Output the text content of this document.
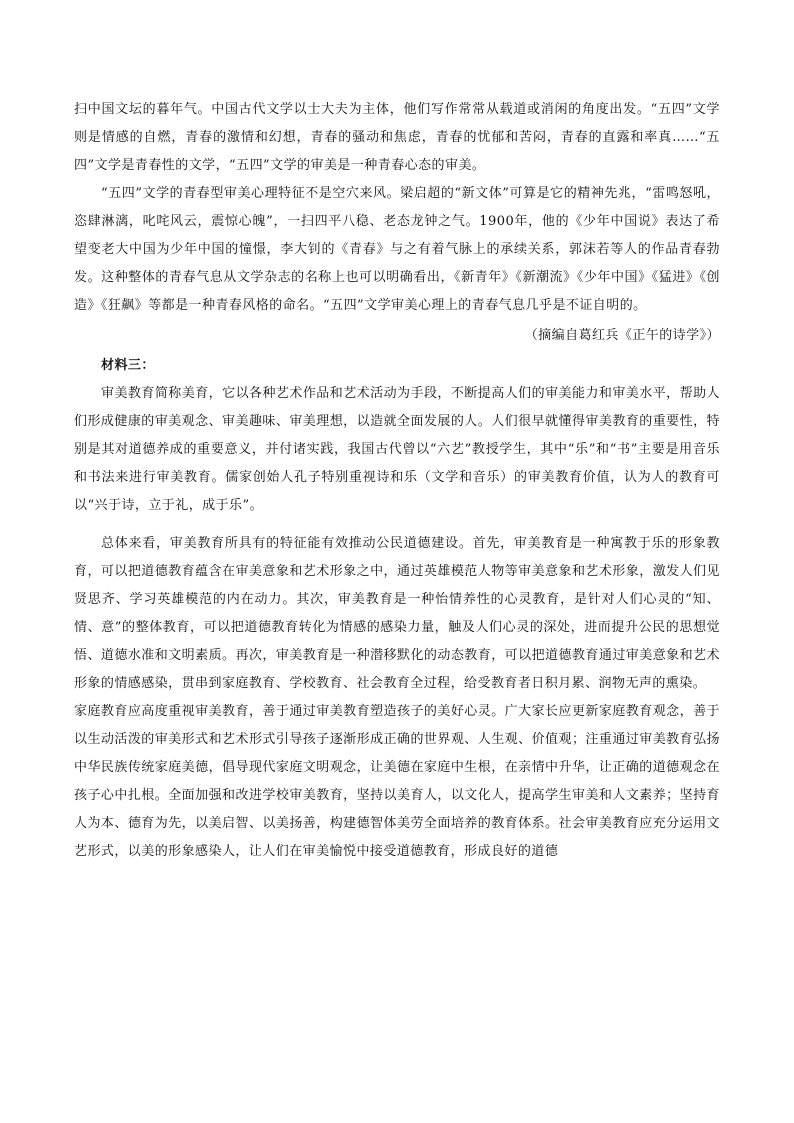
扫中国文坛的暮年气。中国古代文学以士大夫为主体，他们写作常常从载道或消闲的角度出发。“五四”文学则是情感的自燃，青春的激情和幻想，青春的骚动和焦虑，青春的忧郁和苦闷，青春的直露和率真……“五四”文学是青春性的文学，“五四”文学的审美是一种青春心态的审美。

“五四”文学的青春型审美心理特征不是空穴来风。梁启超的“新文体”可算是它的精神先兆，“雷鸣怒吼，恣肆淋漓，叱咤风云，震惊心魄”，一扫四平八稳、老态龙钟之气。1900年，他的《少年中国说》表达了希望变老大中国为少年中国的憧憬，李大钊的《青春》与之有着气脉上的承续关系，郭沫若等人的作品青春勃发。这种整体的青春气息从文学杂志的名称上也可以明确看出，《新青年》《新潮流》《少年中国》《猛进》《创造》《狂飙》等都是一种青春风格的命名。“五四”文学审美心理上的青春气息几乎是不证自明的。

（摘编自葛红兵《正午的诗学》）

材料三：

审美教育简称美育，它以各种艺术作品和艺术活动为手段，不断提高人们的审美能力和审美水平，帮助人们形成健康的审美观念、审美趣味、审美理想，以造就全面发展的人。人们很早就懂得审美教育的重要性，特别是其对道德养成的重要意义，并付诸实践，我国古代曾以“六艺”教授学生，其中“乐”和“书”主要是用音乐和书法来进行审美教育。儒家创始人孔子特别重视诗和乐（文学和音乐）的审美教育价值，认为人的教育可以“兴于诗，立于礼，成于乐”。

总体来看，审美教育所具有的特征能有效推动公民道德建设。首先，审美教育是一种寓教于乐的形象教育，可以把道德教育蕴含在审美意象和艺术形象之中，通过英雄模范人物等审美意象和艺术形象，激发人们见贤思齐、学习英雄模范的内在动力。其次，审美教育是一种怡情养性的心灵教育，是针对人们心灵的“知、情、意”的整体教育，可以把道德教育转化为情感的感染力量，触及人们心灵的深处，进而提升公民的思想觉悟、道德水准和文明素质。再次，审美教育是一种潜移默化的动态教育，可以把道德教育通过审美意象和艺术形象的情感感染，贯串到家庭教育、学校教育、社会教育全过程，给受教育者日积月累、润物无声的熏染。

家庭教育应高度重视审美教育，善于通过审美教育塑造孩子的美好心灵。广大家长应更新家庭教育观念，善于以生动活泼的审美形式和艺术形式引导孩子逐渐形成正确的世界观、人生观、价值观；注重通过审美教育弘扬中华民族传统家庭美德，倡导现代家庭文明观念，让美德在家庭中生根，在亲情中升华，让正确的道德观念在孩子心中扎根。全面加强和改进学校审美教育，坚持以美育人，以文化人，提高学生审美和人文素养；坚持育人为本、德育为先，以美启智、以美扬善，构建德智体美劳全面培养的教育体系。社会审美教育应充分运用文艺形式，以美的形象感染人，让人们在审美愉悦中接受道德教育，形成良好的道德
